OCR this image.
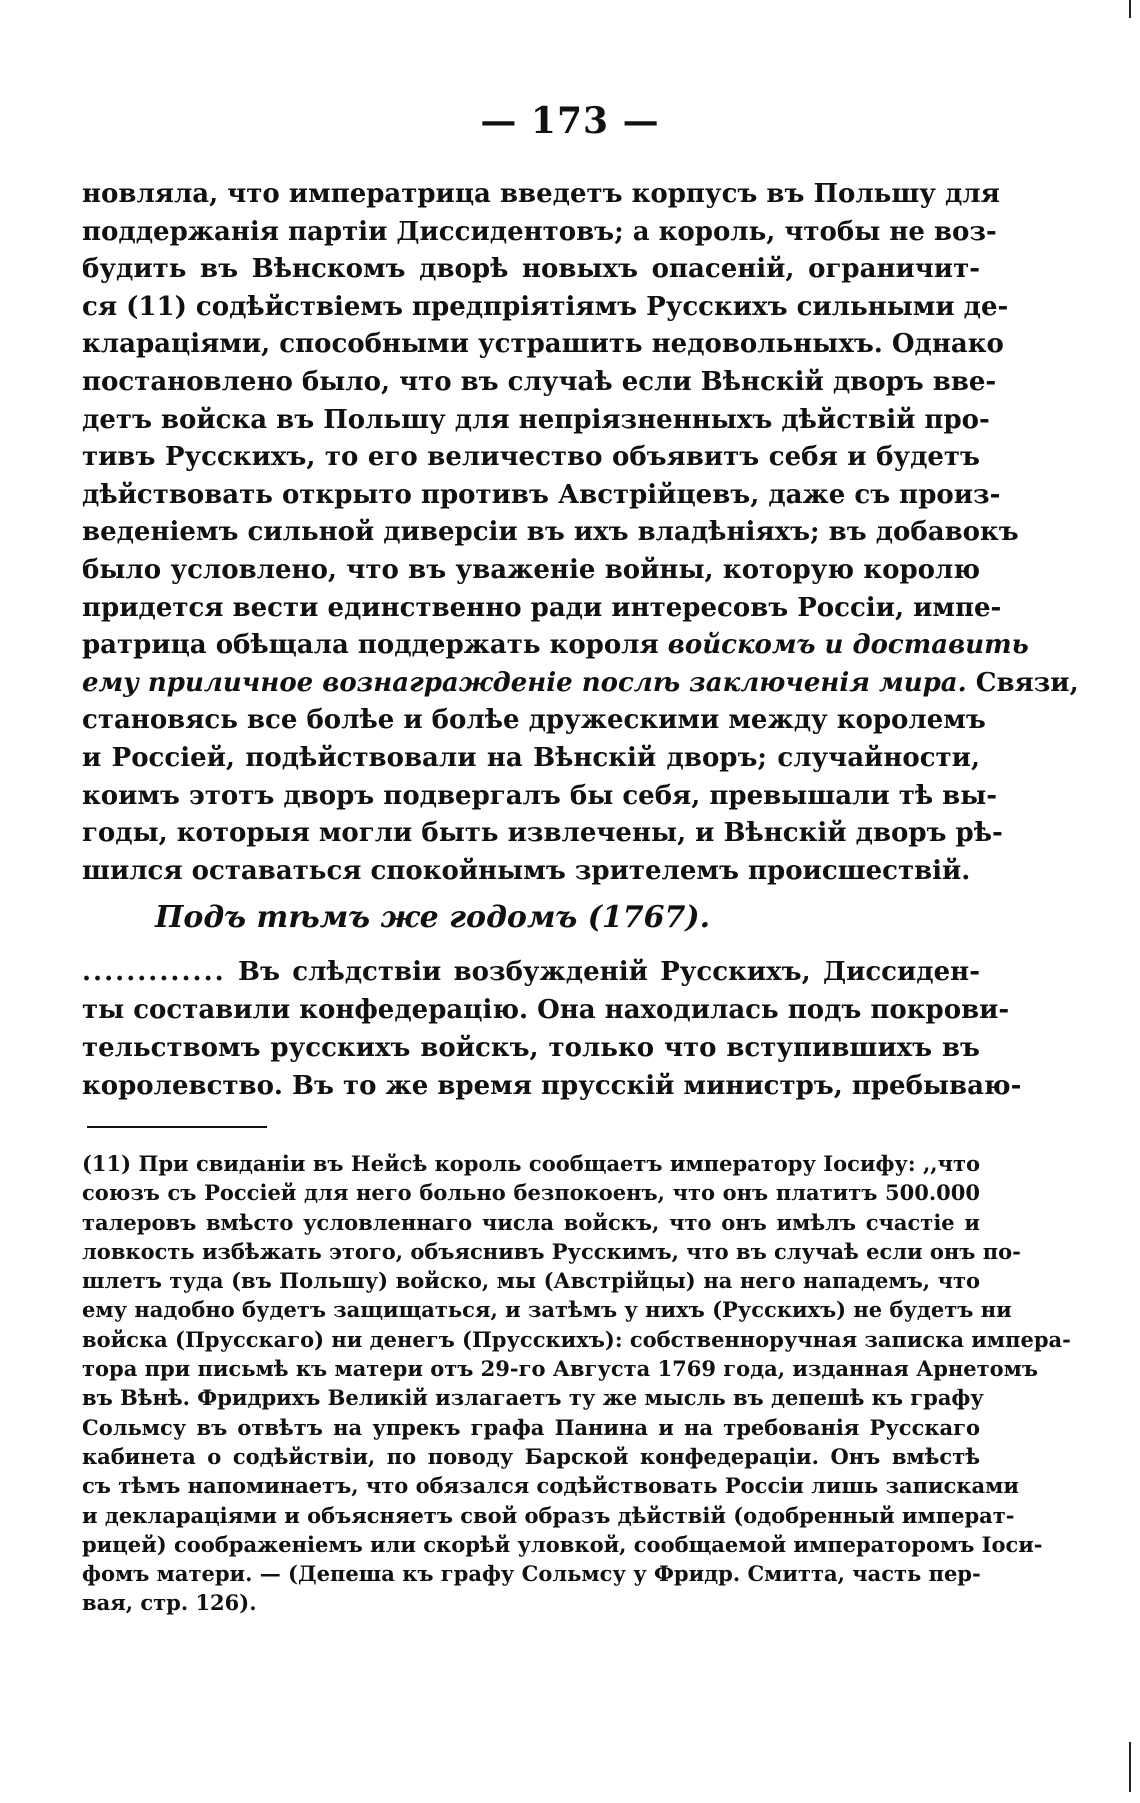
— 173 —
новляла, что императрица введетъ корпусъ въ Польшу для
поддержанія партіи Диссидентовъ; а король, чтобы не воз-
будить въ Вѣнскомъ дворѣ новыхъ опасеній, ограничит-
ся (11) содѣйствіемъ предпріятіямъ Русскихъ сильными де-
клараціями, способными устрашить недовольныхъ. Однако
постановлено было, что въ случаѣ если Вѣнскій дворъ вве-
детъ войска въ Польшу для непріязненныхъ дѣйствій про-
тивъ Русскихъ, то его величество объявитъ себя и будетъ
дѣйствовать открыто противъ Австрійцевъ, даже съ произ-
веденіемъ сильной диверсіи въ ихъ владѣніяхъ; въ добавокъ
было условлено, что въ уваженіе войны, которую королю
придется вести единственно ради интересовъ Россіи, импе-
ратрица обѣщала поддержать короля войскомъ и доставить
ему приличное вознагражденіе послѣ заключенія мира. Связи,
становясь все болѣе и болѣе дружескими между королемъ
и Россіей, подѣйствовали на Вѣнскій дворъ; случайности,
коимъ этотъ дворъ подвергалъ бы себя, превышали тѣ вы-
годы, которыя могли быть извлечены, и Вѣнскій дворъ рѣ-
шился оставаться спокойнымъ зрителемъ происшествій.
Подъ тѣмъ же годомъ (1767).
............. Въ слѣдствіи возбужденій Русскихъ, Диссиден-
ты составили конфедерацію. Она находилась подъ покрови-
тельствомъ русскихъ войскъ, только что вступившихъ въ
королевство. Въ то же время прусскій министръ, пребываю-
(11) При свиданіи въ Нейсѣ король сообщаетъ императору Іосифу: ,,что
союзъ съ Россіей для него больно безпокоенъ, что онъ платитъ 500.000
талеровъ вмѣсто условленнаго числа войскъ, что онъ имѣлъ счастіе и
ловкость избѣжать этого, объяснивъ Русскимъ, что въ случаѣ если онъ по-
шлетъ туда (въ Польшу) войско, мы (Австрійцы) на него нападемъ, что
ему надобно будетъ защищаться, и затѣмъ у нихъ (Русскихъ) не будетъ ни
войска (Прусскаго) ни денегъ (Прусскихъ): собственноручная записка импера-
тора при письмѣ къ матери отъ 29-го Августа 1769 года, изданная Арнетомъ
въ Вѣнѣ. Фридрихъ Великій излагаетъ ту же мысль въ депешѣ къ графу
Сольмсу въ отвѣтъ на упрекъ графа Панина и на требованія Русскаго
кабинета о содѣйствіи, по поводу Барской конфедераціи. Онъ вмѣстѣ
съ тѣмъ напоминаетъ, что обязался содѣйствовать Россіи лишь записками
и декларaціями и объясняетъ свой образъ дѣйствій (одобренный императ-
рицей) соображеніемъ или скорѣй уловкой, сообщаемой императоромъ Іоси-
фомъ матери. — (Депеша къ графу Сольмсу у Фридр. Смитта, часть пер-
вая, стр. 126).
